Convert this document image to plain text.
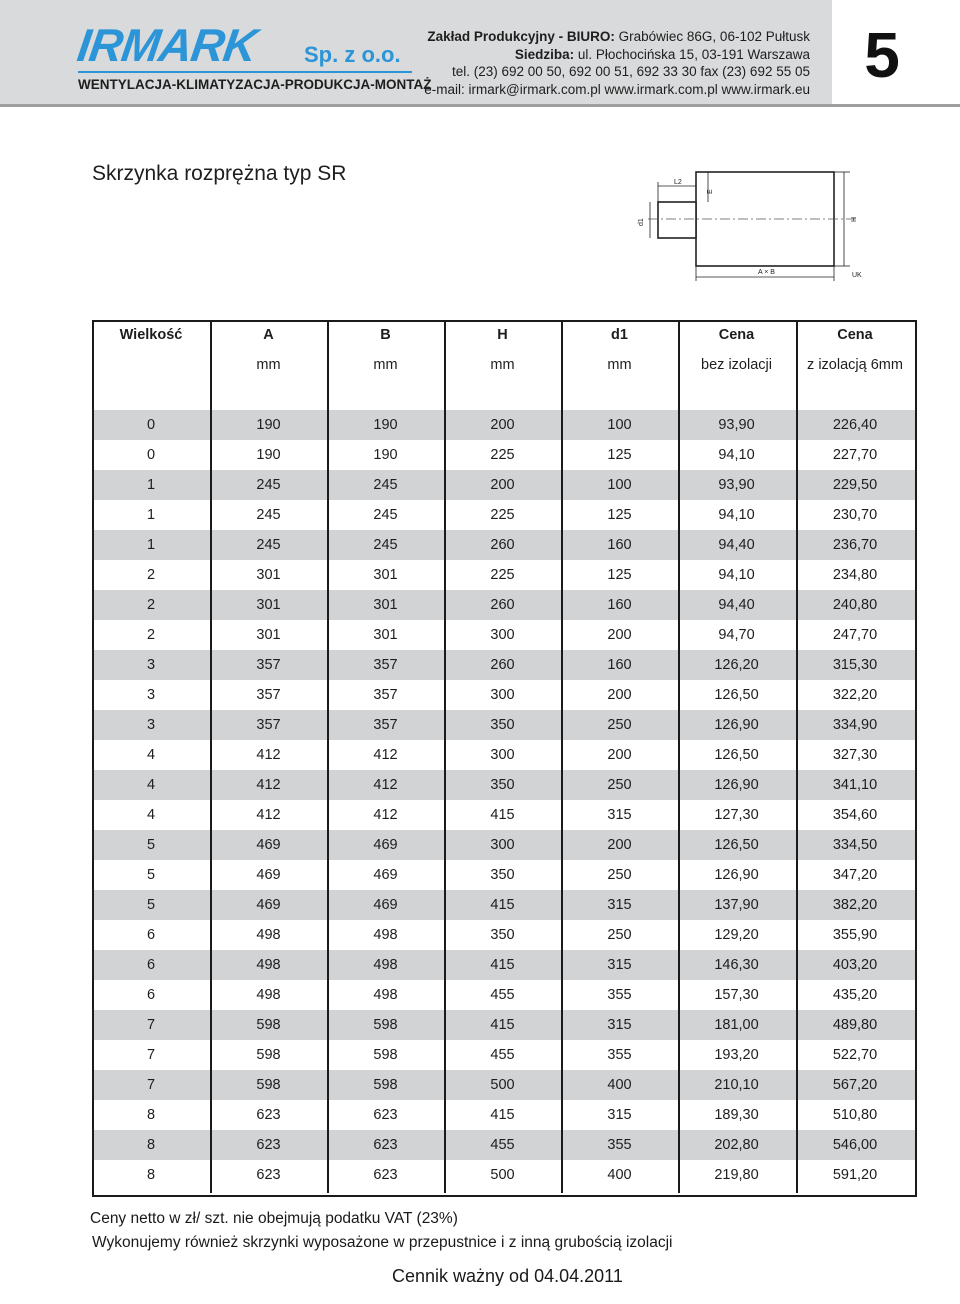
IRMARK Sp. z o.o.
WENTYLACJA-KLIMATYZACJA-PRODUKCJA-MONTAŻ
Zakład Produkcyjny - BIURO: Grabówiec 86G, 06-102 Pułtusk
Siedziba: ul. Płochocińska 15, 03-191 Warszawa
tel. (23) 692 00 50, 692 00 51, 692 33 30 fax (23) 692 55 05
e-mail: irmark@irmark.com.pl www.irmark.com.pl www.irmark.eu 5
Skrzynka rozprężna typ SR	L2
E
d1	H
A × B	UK
Wielkość	A	B	H	d1	Cena	Cena
	mm	mm	mm	mm	bez izolacji	z izolacją 6mm

0	190	190	200	100	93,90	226,40
0	190	190	225	125	94,10	227,70
1	245	245	200	100	93,90	229,50
1	245	245	225	125	94,10	230,70
1	245	245	260	160	94,40	236,70
2	301	301	225	125	94,10	234,80
2	301	301	260	160	94,40	240,80
2	301	301	300	200	94,70	247,70
3	357	357	260	160	126,20	315,30
3	357	357	300	200	126,50	322,20
3	357	357	350	250	126,90	334,90
4	412	412	300	200	126,50	327,30
4	412	412	350	250	126,90	341,10
4	412	412	415	315	127,30	354,60
5	469	469	300	200	126,50	334,50
5	469	469	350	250	126,90	347,20
5	469	469	415	315	137,90	382,20
6	498	498	350	250	129,20	355,90
6	498	498	415	315	146,30	403,20
6	498	498	455	355	157,30	435,20
7	598	598	415	315	181,00	489,80
7	598	598	455	355	193,20	522,70
7	598	598	500	400	210,10	567,20
8	623	623	415	315	189,30	510,80
8	623	623	455	355	202,80	546,00
8	623	623	500	400	219,80	591,20
Ceny netto w zł/ szt. nie obejmują podatku VAT (23%)
Wykonujemy również skrzynki wyposażone w przepustnice i z inną grubością izolacji
Cennik ważny od 04.04.2011
